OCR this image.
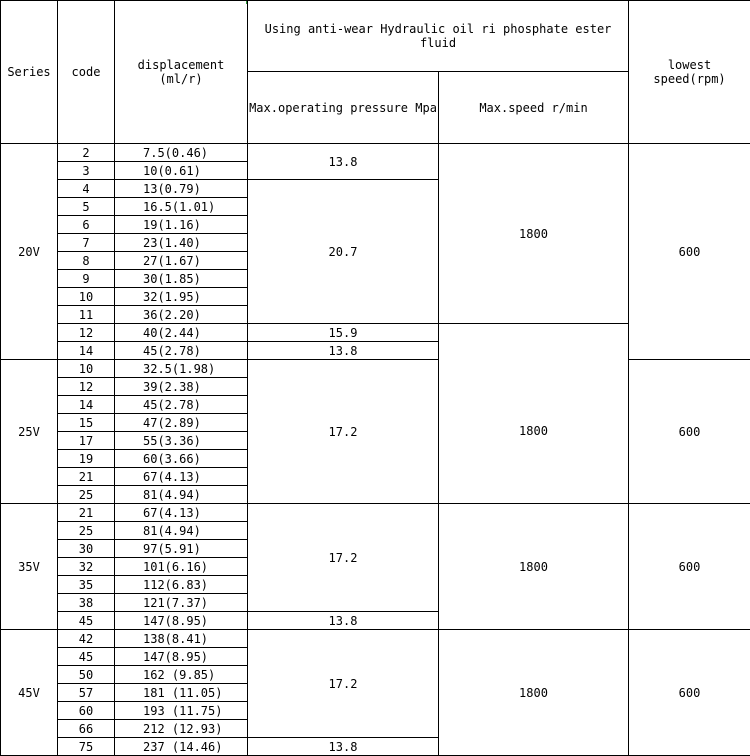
Series	code	displacement (ml/r)	Using anti-wear Hydraulic oil ri phosphate ester fluid		lowest speed(rpm)
			Max.operating pressure Mpa	Max.speed r/min	
20V	2	7.5(0.46)	13.8	1800	600
	3	10(0.61)			
	4	13(0.79)	20.7		
	5	16.5(1.01)			
	6	19(1.16)			
	7	23(1.40)			
	8	27(1.67)			
	9	30(1.85)			
	10	32(1.95)			
	11	36(2.20)			
	12	40(2.44)	15.9		
	14	45(2.78)	13.8		
25V	10	32.5(1.98)	17.2	1800	600
	12	39(2.38)			
	14	45(2.78)			
	15	47(2.89)			
	17	55(3.36)			
	19	60(3.66)			
	21	67(4.13)			
	25	81(4.94)			
35V	21	67(4.13)	17.2	1800	600
	25	81(4.94)			
	30	97(5.91)			
	32	101(6.16)			
	35	112(6.83)			
	38	121(7.37)			
	45	147(8.95)	13.8		
45V	42	138(8.41)	17.2	1800	600
	45	147(8.95)			
	50	162 (9.85)			
	57	181 (11.05)			
	60	193 (11.75)			
	66	212 (12.93)			
	75	237 (14.46)	13.8		
